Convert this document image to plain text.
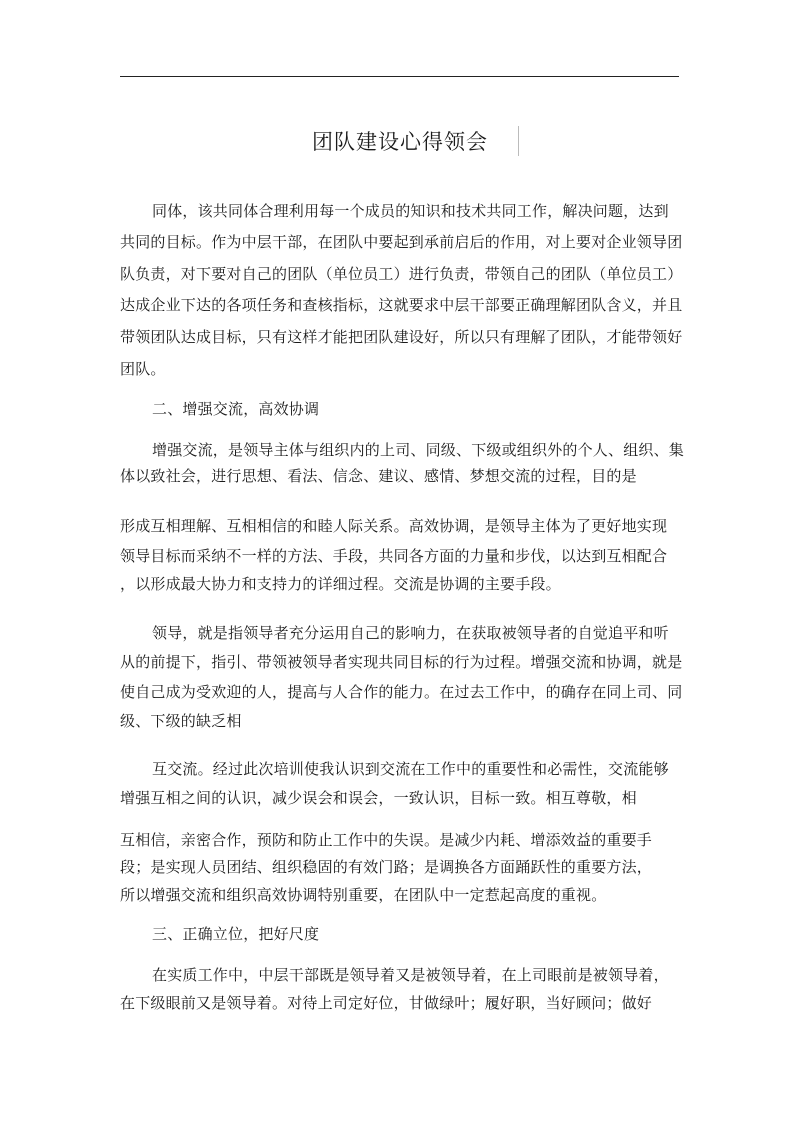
团队建设心得领会
同体，该共同体合理利用每一个成员的知识和技术共同工作，解决问题，达到
共同的目标。作为中层干部，在团队中要起到承前启后的作用，对上要对企业领导团
队负责，对下要对自己的团队（单位员工）进行负责，带领自己的团队（单位员工）
达成企业下达的各项任务和查核指标，这就要求中层干部要正确理解团队含义，并且
带领团队达成目标，只有这样才能把团队建设好，所以只有理解了团队，才能带领好
团队。
二、增强交流，高效协调
增强交流，是领导主体与组织内的上司、同级、下级或组织外的个人、组织、集
体以致社会，进行思想、看法、信念、建议、感情、梦想交流的过程，目的是
形成互相理解、互相相信的和睦人际关系。高效协调，是领导主体为了更好地实现
领导目标而采纳不一样的方法、手段，共同各方面的力量和步伐，以达到互相配合
，以形成最大协力和支持力的详细过程。交流是协调的主要手段。
领导，就是指领导者充分运用自己的影响力，在获取被领导者的自觉追平和听
从的前提下，指引、带领被领导者实现共同目标的行为过程。增强交流和协调，就是
使自己成为受欢迎的人，提高与人合作的能力。在过去工作中，的确存在同上司、同
级、下级的缺乏相
互交流。经过此次培训使我认识到交流在工作中的重要性和必需性，交流能够
增强互相之间的认识，减少误会和误会，一致认识，目标一致。相互尊敬，相
互相信，亲密合作，预防和防止工作中的失误。是减少内耗、增添效益的重要手
段；是实现人员团结、组织稳固的有效门路；是调换各方面踊跃性的重要方法，
所以增强交流和组织高效协调特别重要，在团队中一定惹起高度的重视。
三、正确立位，把好尺度
在实质工作中，中层干部既是领导着又是被领导着，在上司眼前是被领导着，
在下级眼前又是领导着。对待上司定好位，甘做绿叶；履好职，当好顾问；做好
